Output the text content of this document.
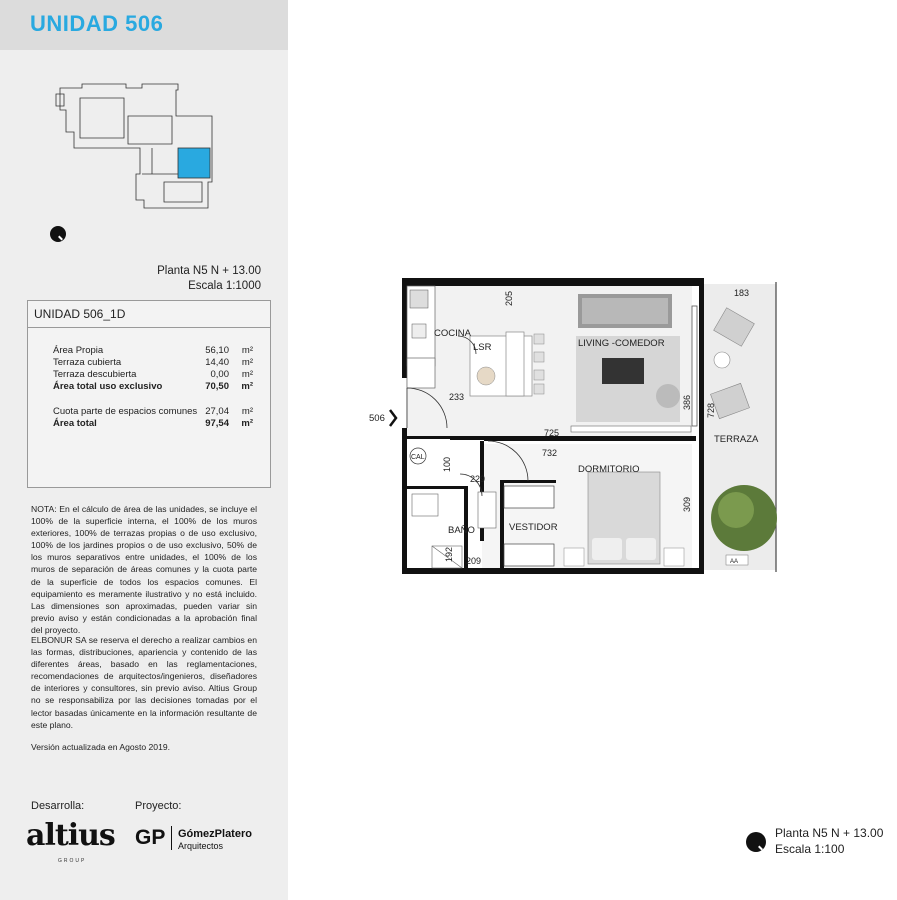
UNIDAD 506
Planta N5 N + 13.00
Escala 1:1000
UNIDAD 506_1D
Área Propia	56,10 m²
Terraza cubierta	14,40 m²
Terraza descubierta	0,00 m²
Área total uso exclusivo	70,50 m²
Cuota parte de espacios comunes 27,04 m²
Área total	97,54 m²
NOTA: En el cálculo de área de las unidades, se incluye el 100% de la superficie interna, el 100% de los muros exteriores, 100% de terrazas propias o de uso exclusivo, 100% de los jardines propios o de uso exclusivo, 50% de los muros separativos entre unidades, el 100% de los muros de separación de áreas comunes y la cuota parte de la superficie de todos los espacios comunes. El equipamiento es meramente ilustrativo y no está incluido. Las dimensiones son aproximadas, pueden variar sin previo aviso y están condicionadas a la aprobación final del proyecto.
ELBONUR SA se reserva el derecho a realizar cambios en las formas, distribuciones, apariencia y contenido de las diferentes áreas, basado en las reglamentaciones, recomendaciones de arquitectos/ingenieros, diseñadores de interiores y consultores, sin previo aviso. Altius Group no se responsabiliza por las decisiones tomadas por el lector basadas únicamente en la información resultante de este plano.
Versión actualizada en Agosto 2019.
Desarrolla:	Proyecto:
altius
GROUP
GP GómezPlatero
Arquitectos
506
COCINA
LSR	LIVING -COMEDOR
DORMITORIO
BAÑO	VESTIDOR
TERRAZA
CAL
AA
205
233
725
732
386
728
183
100
229
309
192 209
Planta N5 N + 13.00
Escala 1:100
